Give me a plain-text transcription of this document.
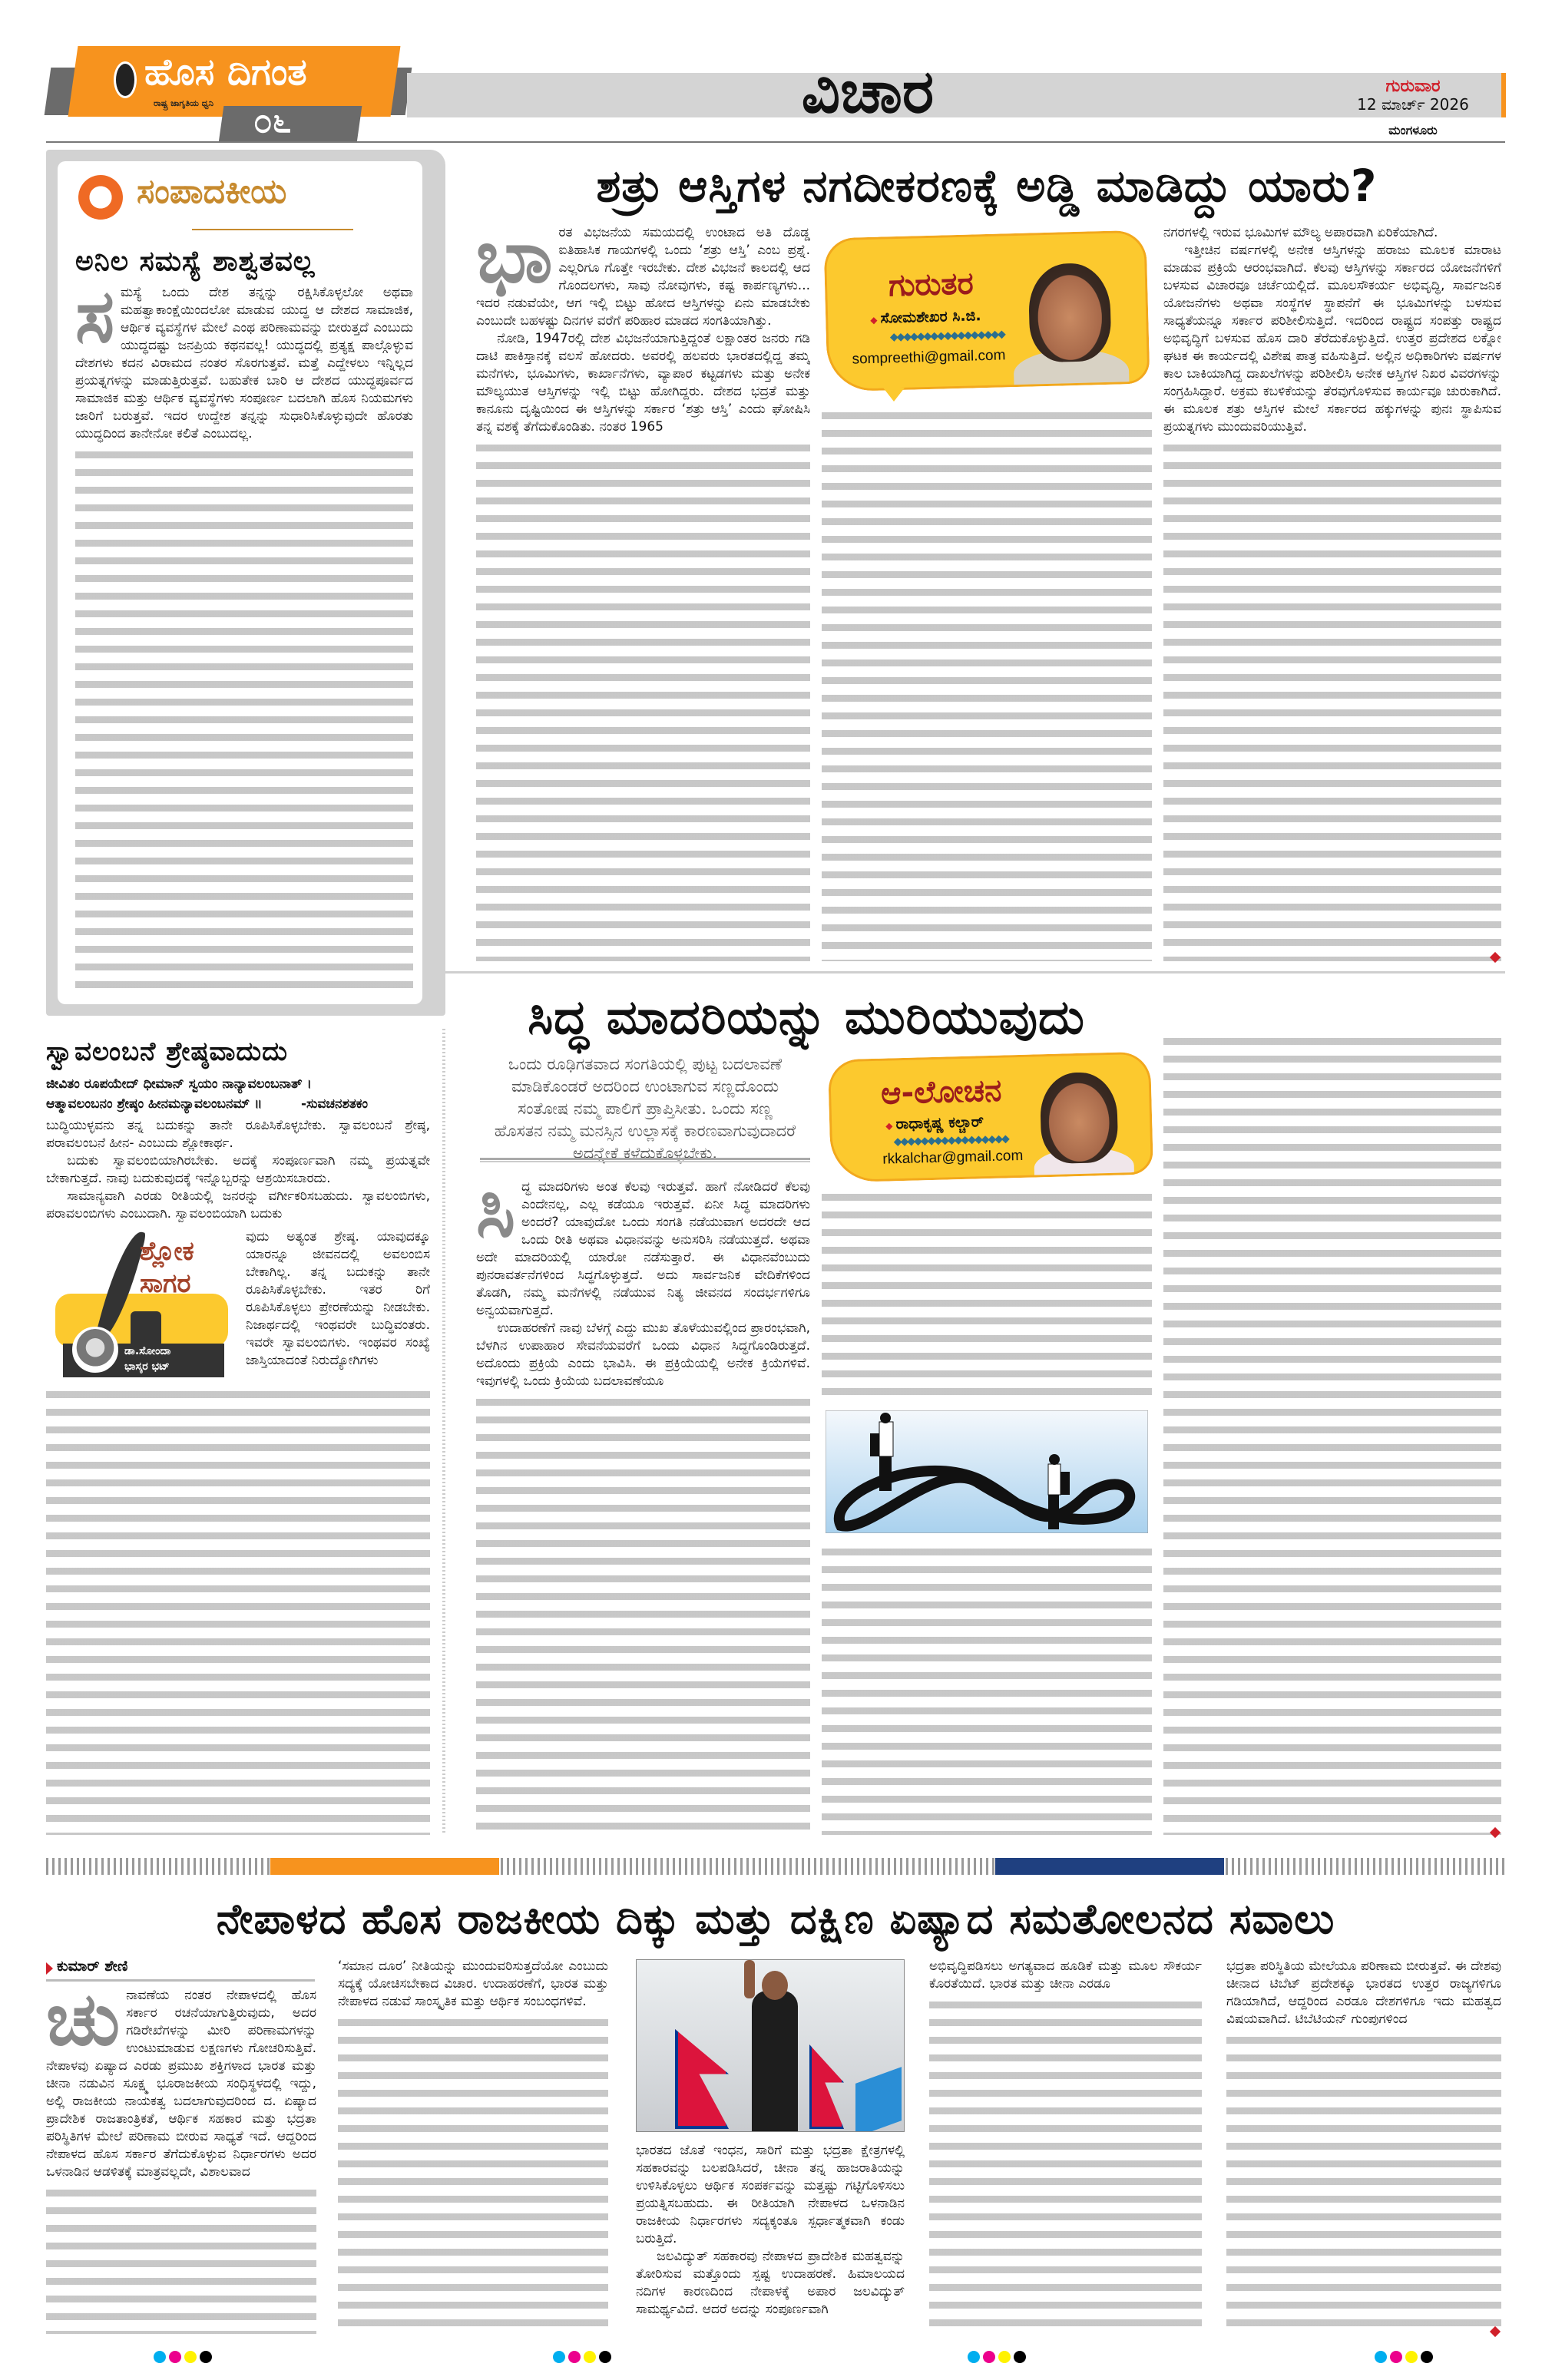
ಹೊಸ ದಿಗಂತ
ರಾಷ್ಟ್ರ ಜಾಗೃತಿಯ ಧ್ವನಿ ೦೬	ವಿಚಾರ	ಗುರುವಾರ
12 ಮಾರ್ಚ್ 2026
ಮಂಗಳೂರು
ಸಂಪಾದಕೀಯ
ಅನಿಲ ಸಮಸ್ಯೆ ಶಾಶ್ವತವಲ್ಲ

ಸಮಸ್ಯೆ ಒಂದು ದೇಶ ತನ್ನನ್ನು ರಕ್ಷಿಸಿಕೊಳ್ಳಲೋ ಅಥವಾ ಮಹತ್ವಾಕಾಂಕ್ಷೆಯಿಂದಲೋ ಮಾಡುವ ಯುದ್ಧ ಆ ದೇಶದ ಸಾಮಾಜಿಕ, ಆರ್ಥಿಕ ವ್ಯವಸ್ಥೆಗಳ ಮೇಲೆ ಎಂಥ ಪರಿಣಾಮವನ್ನು ಬೀರುತ್ತದೆ ಎಂಬುದು ಯುದ್ಧದಷ್ಟು ಜನಪ್ರಿಯ ಕಥನವಲ್ಲ! ಯುದ್ಧದಲ್ಲಿ ಪ್ರತ್ಯಕ್ಷ ಪಾಲ್ಗೊಳ್ಳುವ ದೇಶಗಳು ಕದನ ವಿರಾಮದ ನಂತರ ಸೊರಗುತ್ತವೆ. ಮತ್ತೆ ಎದ್ದೇಳಲು ಇನ್ನಿಲ್ಲದ ಪ್ರಯತ್ನಗಳನ್ನು ಮಾಡುತ್ತಿರುತ್ತವೆ. ಬಹುತೇಕ ಬಾರಿ ಆ ದೇಶದ ಯುದ್ಧಪೂರ್ವದ ಸಾಮಾಜಿಕ ಮತ್ತು ಆರ್ಥಿಕ ವ್ಯವಸ್ಥೆಗಳು ಸಂಪೂರ್ಣ ಬದಲಾಗಿ ಹೊಸ ನಿಯಮಗಳು ಜಾರಿಗೆ ಬರುತ್ತವೆ. ಇದರ ಉದ್ದೇಶ ತನ್ನನ್ನು ಸುಧಾರಿಸಿಕೊಳ್ಳುವುದೇ ಹೊರತು ಯುದ್ಧದಿಂದ ತಾನೇನೋ ಕಲಿತೆ ಎಂಬುದಲ್ಲ.

ಶತ್ರು ಆಸ್ತಿಗಳ ನಗದೀಕರಣಕ್ಕೆ ಅಡ್ಡಿ ಮಾಡಿದ್ದು ಯಾರು?

ಭಾರತ ವಿಭಜನೆಯ ಸಮಯದಲ್ಲಿ ಉಂಟಾದ ಅತಿ ದೊಡ್ಡ ಐತಿಹಾಸಿಕ ಗಾಯಗಳಲ್ಲಿ ಒಂದು ‘ಶತ್ರು ಆಸ್ತಿ’ ಎಂಬ ಪ್ರಶ್ನೆ. ಎಲ್ಲರಿಗೂ ಗೊತ್ತೇ ಇರಬೇಕು. ದೇಶ ವಿಭಜನೆ ಕಾಲದಲ್ಲಿ ಆದ ಗೊಂದಲಗಳು, ಸಾವು ನೋವುಗಳು, ಕಷ್ಟ ಕಾರ್ಪಣ್ಯಗಳು... ಇದರ ನಡುವೆಯೇ, ಆಗ ಇಲ್ಲಿ ಬಿಟ್ಟು ಹೋದ ಆಸ್ತಿಗಳನ್ನು ಏನು ಮಾಡಬೇಕು ಎಂಬುದೇ ಬಹಳಷ್ಟು ದಿನಗಳ ವರೆಗೆ ಪರಿಹಾರ ಮಾಡದ ಸಂಗತಿಯಾಗಿತ್ತು.

ನೋಡಿ, 1947ರಲ್ಲಿ ದೇಶ ವಿಭಜನೆಯಾಗುತ್ತಿದ್ದಂತೆ ಲಕ್ಷಾಂತರ ಜನರು ಗಡಿ ದಾಟಿ ಪಾಕಿಸ್ತಾನಕ್ಕೆ ವಲಸೆ ಹೋದರು. ಅವರಲ್ಲಿ ಹಲವರು ಭಾರತದಲ್ಲಿದ್ದ ತಮ್ಮ ಮನೆಗಳು, ಭೂಮಿಗಳು, ಕಾರ್ಖಾನೆಗಳು, ವ್ಯಾಪಾರ ಕಟ್ಟಡಗಳು ಮತ್ತು ಅನೇಕ ಮೌಲ್ಯಯುತ ಆಸ್ತಿಗಳನ್ನು ಇಲ್ಲಿ ಬಿಟ್ಟು ಹೋಗಿದ್ದರು. ದೇಶದ ಭದ್ರತೆ ಮತ್ತು ಕಾನೂನು ದೃಷ್ಟಿಯಿಂದ ಈ ಆಸ್ತಿಗಳನ್ನು ಸರ್ಕಾರ ‘ಶತ್ರು ಆಸ್ತಿ’ ಎಂದು ಘೋಷಿಸಿ ತನ್ನ ವಶಕ್ಕೆ ತೆಗೆದುಕೊಂಡಿತು. ನಂತರ 1965

ಗುರುತರ
◆ ಸೋಮಶೇಖರ ಸಿ.ಜಿ.
◆◆◆◆◆◆◆◆◆◆◆◆◆◆◆◆◆
sompreethi@gmail.com

ನಗರಗಳಲ್ಲಿ ಇರುವ ಭೂಮಿಗಳ ಮೌಲ್ಯ ಅಪಾರವಾಗಿ ಏರಿಕೆಯಾಗಿದೆ.

ಇತ್ತೀಚಿನ ವರ್ಷಗಳಲ್ಲಿ ಅನೇಕ ಆಸ್ತಿಗಳನ್ನು ಹರಾಜು ಮೂಲಕ ಮಾರಾಟ ಮಾಡುವ ಪ್ರಕ್ರಿಯೆ ಆರಂಭವಾಗಿದೆ. ಕೆಲವು ಆಸ್ತಿಗಳನ್ನು ಸರ್ಕಾರದ ಯೋಜನೆಗಳಿಗೆ ಬಳಸುವ ವಿಚಾರವೂ ಚರ್ಚೆಯಲ್ಲಿದೆ. ಮೂಲಸೌಕರ್ಯ ಅಭಿವೃದ್ಧಿ, ಸಾರ್ವಜನಿಕ ಯೋಜನೆಗಳು ಅಥವಾ ಸಂಸ್ಥೆಗಳ ಸ್ಥಾಪನೆಗೆ ಈ ಭೂಮಿಗಳನ್ನು ಬಳಸುವ ಸಾಧ್ಯತೆಯನ್ನೂ ಸರ್ಕಾರ ಪರಿಶೀಲಿಸುತ್ತಿದೆ. ಇದರಿಂದ ರಾಷ್ಟ್ರದ ಸಂಪತ್ತು ರಾಷ್ಟ್ರದ ಅಭಿವೃದ್ಧಿಗೆ ಬಳಸುವ ಹೊಸ ದಾರಿ ತೆರೆದುಕೊಳ್ಳುತ್ತಿದೆ. ಉತ್ತರ ಪ್ರದೇಶದ ಲಕ್ನೋ ಘಟಕ ಈ ಕಾರ್ಯದಲ್ಲಿ ವಿಶೇಷ ಪಾತ್ರ ವಹಿಸುತ್ತಿದೆ. ಅಲ್ಲಿನ ಅಧಿಕಾರಿಗಳು ವರ್ಷಗಳ ಕಾಲ ಬಾಕಿಯಾಗಿದ್ದ ದಾಖಲೆಗಳನ್ನು ಪರಿಶೀಲಿಸಿ ಅನೇಕ ಆಸ್ತಿಗಳ ನಿಖರ ವಿವರಗಳನ್ನು ಸಂಗ್ರಹಿಸಿದ್ದಾರೆ. ಅಕ್ರಮ ಕಬಳಿಕೆಯನ್ನು ತೆರವುಗೊಳಿಸುವ ಕಾರ್ಯವೂ ಚುರುಕಾಗಿದೆ. ಈ ಮೂಲಕ ಶತ್ರು ಆಸ್ತಿಗಳ ಮೇಲೆ ಸರ್ಕಾರದ ಹಕ್ಕುಗಳನ್ನು ಪುನಃ ಸ್ಥಾಪಿಸುವ ಪ್ರಯತ್ನಗಳು ಮುಂದುವರಿಯುತ್ತಿವೆ.

ಸಿದ್ಧ ಮಾದರಿಯನ್ನು ಮುರಿಯುವುದು
ಒಂದು ರೂಢಿಗತವಾದ ಸಂಗತಿಯಲ್ಲಿ ಪುಟ್ಟ ಬದಲಾವಣೆ ಮಾಡಿಕೊಂಡರೆ ಅದರಿಂದ ಉಂಟಾಗುವ ಸಣ್ಣದೊಂದು ಸಂತೋಷ ನಮ್ಮ ಪಾಲಿಗೆ ಪ್ರಾಪ್ತಿಸೀತು. ಒಂದು ಸಣ್ಣ ಹೊಸತನ ನಮ್ಮ ಮನಸ್ಸಿನ ಉಲ್ಲಾಸಕ್ಕೆ ಕಾರಣವಾಗುವುದಾದರೆ ಅದನ್ನೇಕೆ ಕಳೆದುಕೊಳ್ಳಬೇಕು.

ಸಿದ್ಧ ಮಾದರಿಗಳು ಅಂತ ಕೆಲವು ಇರುತ್ತವೆ. ಹಾಗೆ ನೋಡಿದರೆ ಕೆಲವು ಎಂದೇನಲ್ಲ, ಎಲ್ಲ ಕಡೆಯೂ ಇರುತ್ತವೆ. ಏನೀ ಸಿದ್ಧ ಮಾದರಿಗಳು ಅಂದರೆ? ಯಾವುದೋ ಒಂದು ಸಂಗತಿ ನಡೆಯುವಾಗ ಅದರದೇ ಆದ ಒಂದು ರೀತಿ ಅಥವಾ ವಿಧಾನವನ್ನು ಅನುಸರಿಸಿ ನಡೆಯುತ್ತದೆ. ಅಥವಾ ಅದೇ ಮಾದರಿಯಲ್ಲಿ ಯಾರೋ ನಡೆಸುತ್ತಾರೆ. ಈ ವಿಧಾನವೆಂಬುದು ಪುನರಾವರ್ತನೆಗಳಿಂದ ಸಿದ್ಧಗೊಳ್ಳುತ್ತದೆ. ಅದು ಸಾರ್ವಜನಿಕ ವೇದಿಕೆಗಳಿಂದ ತೊಡಗಿ, ನಮ್ಮ ಮನೆಗಳಲ್ಲಿ ನಡೆಯುವ ನಿತ್ಯ ಜೀವನದ ಸಂದರ್ಭಗಳಿಗೂ ಅನ್ವಯವಾಗುತ್ತದೆ.

ಉದಾಹರಣೆಗೆ ನಾವು ಬೆಳಗ್ಗೆ ಎದ್ದು ಮುಖ ತೊಳೆಯುವಲ್ಲಿಂದ ಪ್ರಾರಂಭವಾಗಿ, ಬೆಳಗಿನ ಉಪಾಹಾರ ಸೇವನೆಯವರೆಗೆ ಒಂದು ವಿಧಾನ ಸಿದ್ಧಗೊಂಡಿರುತ್ತದೆ. ಅದೊಂದು ಪ್ರಕ್ರಿಯೆ ಎಂದು ಭಾವಿಸಿ. ಈ ಪ್ರಕ್ರಿಯೆಯಲ್ಲಿ ಅನೇಕ ಕ್ರಿಯೆಗಳಿವೆ. ಇವುಗಳಲ್ಲಿ ಒಂದು ಕ್ರಿಯೆಯ ಬದಲಾವಣೆಯೂ

ಆ-ಲೋಚನ
◆ ರಾಧಾಕೃಷ್ಣ ಕಲ್ಚಾರ್
◆◆◆◆◆◆◆◆◆◆◆◆◆◆◆◆◆
rkkalchar@gmail.com
ಸ್ವಾವಲಂಬನೆ ಶ್ರೇಷ್ಠವಾದುದು
ಜೀವಿತಂ ರೂಪಯೇದ್ ಧೀಮಾನ್ ಸ್ವಯಂ ನಾನ್ಯಾವಲಂಬನಾತ್ ।
ಆತ್ಮಾವಲಂಬನಂ ಶ್ರೇಷ್ಠಂ ಹೀನಮನ್ಯಾವಲಂಬನಮ್ ॥	-ಸುವಚನಶತಕಂ

ಬುದ್ಧಿಯುಳ್ಳವನು ತನ್ನ ಬದುಕನ್ನು ತಾನೇ ರೂಪಿಸಿಕೊಳ್ಳಬೇಕು. ಸ್ವಾವಲಂಬನೆ ಶ್ರೇಷ್ಠ, ಪರಾವಲಂಬನೆ ಹೀನ- ಎಂಬುದು ಶ್ಲೋಕಾರ್ಥ.

ಬದುಕು ಸ್ವಾವಲಂಬಿಯಾಗಿರಬೇಕು. ಅದಕ್ಕೆ ಸಂಪೂರ್ಣವಾಗಿ ನಮ್ಮ ಪ್ರಯತ್ನವೇ ಬೇಕಾಗುತ್ತದೆ. ನಾವು ಬದುಕುವುದಕ್ಕೆ ಇನ್ನೊಬ್ಬರನ್ನು ಆಶ್ರಯಿಸಬಾರದು.

ಸಾಮಾನ್ಯವಾಗಿ ಎರಡು ರೀತಿಯಲ್ಲಿ ಜನರನ್ನು ವರ್ಗೀಕರಿಸಬಹುದು. ಸ್ವಾವಲಂಬಿಗಳು, ಪರಾವಲಂಬಿಗಳು ಎಂಬುದಾಗಿ. ಸ್ವಾವಲಂಬಿಯಾಗಿ ಬದುಕು

ಶ್ಲೋಕ
ಸಾಗರ
ಡಾ.ಸೋಂದಾ
ಭಾಸ್ಕರ ಭಟ್

ವುದು ಅತ್ಯಂತ ಶ್ರೇಷ್ಠ. ಯಾವುದಕ್ಕೂ ಯಾರನ್ನೂ ಜೀವನದಲ್ಲಿ ಅವಲಂಬಿಸ ಬೇಕಾಗಿಲ್ಲ. ತನ್ನ ಬದುಕನ್ನು ತಾನೇ ರೂಪಿಸಿಕೊಳ್ಳಬೇಕು. ಇತರ ರಿಗೆ ರೂಪಿಸಿಕೊಳ್ಳಲು ಪ್ರೇರಣೆಯನ್ನು ನೀಡಬೇಕು. ನಿಜಾರ್ಥದಲ್ಲಿ ಇಂಥವರೇ ಬುದ್ಧಿವಂತರು. ಇವರೇ ಸ್ವಾವಲಂಬಿಗಳು. ಇಂಥವರ ಸಂಖ್ಯೆ ಜಾಸ್ತಿಯಾದಂತೆ ನಿರುದ್ಯೋಗಿಗಳು

ನೇಪಾಳದ ಹೊಸ ರಾಜಕೀಯ ದಿಕ್ಕು ಮತ್ತು ದಕ್ಷಿಣ ಏಷ್ಯಾದ ಸಮತೋಲನದ ಸವಾಲು
ಕುಮಾರ್ ಶೇಣಿ

ಚುನಾವಣೆಯ ನಂತರ ನೇಪಾಳದಲ್ಲಿ ಹೊಸ ಸರ್ಕಾರ ರಚನೆಯಾಗುತ್ತಿರುವುದು, ಅದರ ಗಡಿರೇಖೆಗಳನ್ನು ಮೀರಿ ಪರಿಣಾಮಗಳನ್ನು ಉಂಟುಮಾಡುವ ಲಕ್ಷಣಗಳು ಗೋಚರಿಸುತ್ತಿವೆ. ನೇಪಾಳವು ಏಷ್ಯಾದ ಎರಡು ಪ್ರಮುಖ ಶಕ್ತಿಗಳಾದ ಭಾರತ ಮತ್ತು ಚೀನಾ ನಡುವಿನ ಸೂಕ್ಷ್ಮ ಭೂರಾಜಕೀಯ ಸಂಧಿಸ್ಥಳದಲ್ಲಿ ಇದ್ದು, ಅಲ್ಲಿ ರಾಜಕೀಯ ನಾಯಕತ್ವ ಬದಲಾಗುವುದರಿಂದ ದ. ಏಷ್ಯಾದ ಪ್ರಾದೇಶಿಕ ರಾಜತಾಂತ್ರಿಕತೆ, ಆರ್ಥಿಕ ಸಹಕಾರ ಮತ್ತು ಭದ್ರತಾ ಪರಿಸ್ಥಿತಿಗಳ ಮೇಲೆ ಪರಿಣಾಮ ಬೀರುವ ಸಾಧ್ಯತೆ ಇದೆ. ಆದ್ದರಿಂದ ನೇಪಾಳದ ಹೊಸ ಸರ್ಕಾರ ತೆಗೆದುಕೊಳ್ಳುವ ನಿರ್ಧಾರಗಳು ಅದರ ಒಳನಾಡಿನ ಆಡಳಿತಕ್ಕೆ ಮಾತ್ರವಲ್ಲದೇ, ವಿಶಾಲವಾದ

‘ಸಮಾನ ದೂರ’ ನೀತಿಯನ್ನು ಮುಂದುವರಿಸುತ್ತದೆಯೋ ಎಂಬುದು ಸದ್ಯಕ್ಕೆ ಯೋಚಿಸಬೇಕಾದ ವಿಚಾರ. ಉದಾಹರಣೆಗೆ, ಭಾರತ ಮತ್ತು ನೇಪಾಳದ ನಡುವೆ ಸಾಂಸ್ಕೃತಿಕ ಮತ್ತು ಆರ್ಥಿಕ ಸಂಬಂಧಗಳಿವೆ.

ಭಾರತದ ಜೊತೆ ಇಂಧನ, ಸಾರಿಗೆ ಮತ್ತು ಭದ್ರತಾ ಕ್ಷೇತ್ರಗಳಲ್ಲಿ ಸಹಕಾರವನ್ನು ಬಲಪಡಿಸಿದರೆ, ಚೀನಾ ತನ್ನ ಹಾಜರಾತಿಯನ್ನು ಉಳಿಸಿಕೊಳ್ಳಲು ಆರ್ಥಿಕ ಸಂಪರ್ಕವನ್ನು ಮತ್ತಷ್ಟು ಗಟ್ಟಿಗೊಳಿಸಲು ಪ್ರಯತ್ನಿಸಬಹುದು. ಈ ರೀತಿಯಾಗಿ ನೇಪಾಳದ ಒಳನಾಡಿನ ರಾಜಕೀಯ ನಿರ್ಧಾರಗಳು ಸದ್ಯಕ್ಕಂತೂ ಸ್ಪರ್ಧಾತ್ಮಕವಾಗಿ ಕಂಡು ಬರುತ್ತಿದೆ.

ಜಲವಿದ್ಯುತ್ ಸಹಕಾರವು ನೇಪಾಳದ ಪ್ರಾದೇಶಿಕ ಮಹತ್ವವನ್ನು ತೋರಿಸುವ ಮತ್ತೊಂದು ಸ್ಪಷ್ಟ ಉದಾಹರಣೆ. ಹಿಮಾಲಯದ ನದಿಗಳ ಕಾರಣದಿಂದ ನೇಪಾಳಕ್ಕೆ ಅಪಾರ ಜಲವಿದ್ಯುತ್ ಸಾಮರ್ಥ್ಯವಿದೆ. ಆದರೆ ಅದನ್ನು ಸಂಪೂರ್ಣವಾಗಿ

ಅಭಿವೃದ್ಧಿಪಡಿಸಲು ಅಗತ್ಯವಾದ ಹೂಡಿಕೆ ಮತ್ತು ಮೂಲ ಸೌಕರ್ಯ ಕೊರತೆಯಿದೆ. ಭಾರತ ಮತ್ತು ಚೀನಾ ಎರಡೂ

ಭದ್ರತಾ ಪರಿಸ್ಥಿತಿಯ ಮೇಲೆಯೂ ಪರಿಣಾಮ ಬೀರುತ್ತವೆ. ಈ ದೇಶವು ಚೀನಾದ ಟಿಬೆಟ್ ಪ್ರದೇಶಕ್ಕೂ ಭಾರತದ ಉತ್ತರ ರಾಜ್ಯಗಳಿಗೂ ಗಡಿಯಾಗಿದೆ, ಆದ್ದರಿಂದ ಎರಡೂ ದೇಶಗಳಿಗೂ ಇದು ಮಹತ್ವದ ವಿಷಯವಾಗಿದೆ. ಟಿಬೆಟಿಯನ್ ಗುಂಪುಗಳಿಂದ
